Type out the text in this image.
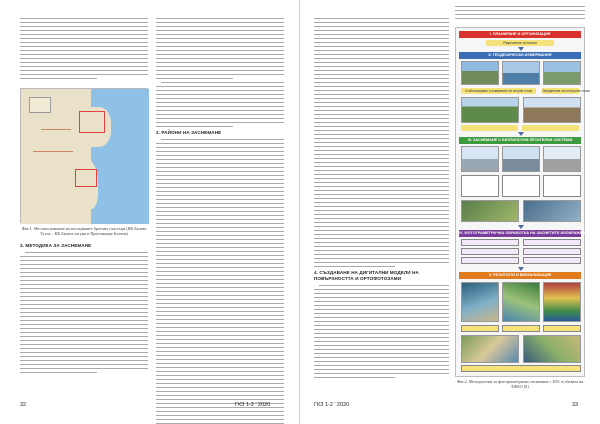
Фиг.1. Местоположение на изследвните брегови участъци (КК Бялата Тухла – КК Бялата лагуна и Пристанище Балчик)
3. МЕТОДИКА ЗА ЗАСНЕМАНЕ
2. РАЙОНИ НА ЗАСНЕМАНЕ
32	ГКЗ 1-2 ' 2020
4. СЪЗДАВАНЕ НА ДИГИТАЛНИ МОДЕЛИ НА ПОВЪРХНОСТТА И ОРТОФОТОЗАМИ
I. ПЛАНИРАНЕ И ОРГАНИЗАЦИЯ
Разрешение за полети
II. ГЕОДЕЗИЧЕСКИ ИЗМЕРВАНИЯ
Стабилизиране и измерване на опорни точки	Определяне на контролни точки
III. ЗАСНЕМАНЕ С БЕЗПИЛОТНИ ЛЕТАТЕЛНИ СИСТЕМИ
IV. ФОТОГРАМЕТРИЧНА ОБРАБОТКА НА ЗАСНЕТИТЕ ИЗОБРАЖЕНИЯ
V. РЕЗУЛТАТИ И ВИЗУАЛИЗАЦИЯ
Фиг.2. Методология за фотограметрично заснемане с БЛС в обхвата на ЕФБО [8]
ГКЗ 1-2 ' 2020	33
